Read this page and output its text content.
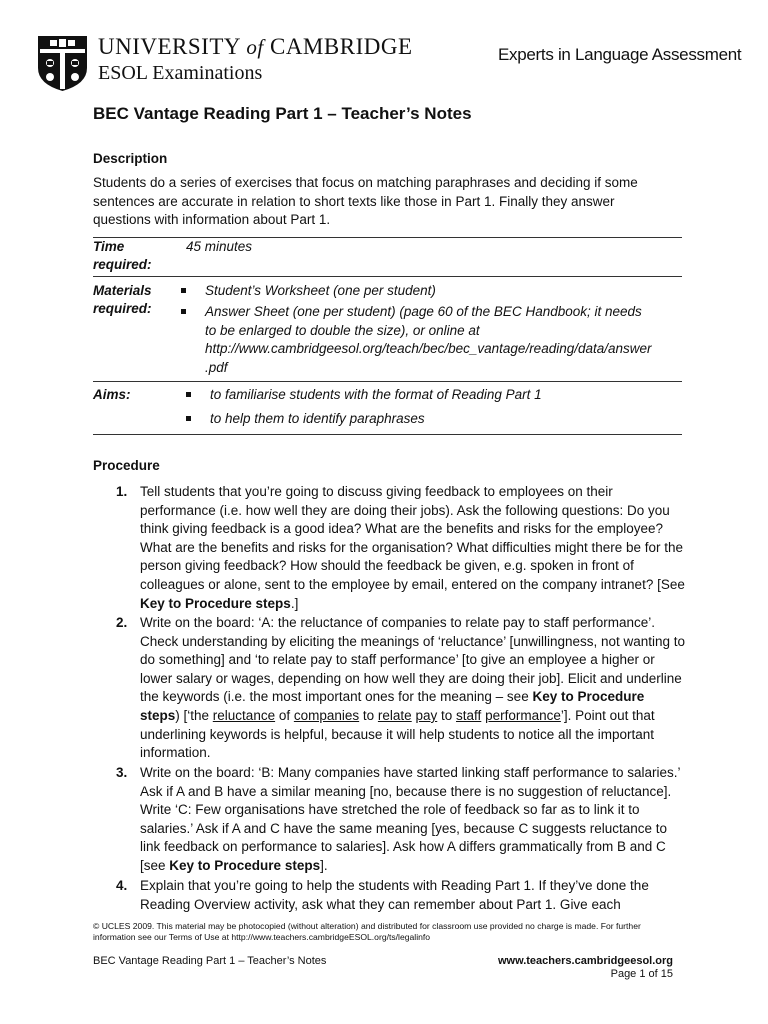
UNIVERSITY of CAMBRIDGE
ESOL Examinations
Experts in Language Assessment
BEC Vantage Reading Part 1 – Teacher’s Notes
Description
Students do a series of exercises that focus on matching paraphrases and deciding if some
sentences are accurate in relation to short texts like those in Part 1. Finally they answer
questions with information about Part 1.
Time
required:
45 minutes
Materials
required:
Student’s Worksheet (one per student)
Answer Sheet (one per student) (page 60 of the BEC Handbook; it needs
to be enlarged to double the size), or online at
http://www.cambridgeesol.org/teach/bec/bec_vantage/reading/data/answer
.pdf
Aims:	to familiarise students with the format of Reading Part 1
to help them to identify paraphrases
Procedure
1. Tell students that you’re going to discuss giving feedback to employees on their performance (i.e. how well they are doing their jobs). Ask the following questions: Do you think giving feedback is a good idea? What are the benefits and risks for the employee? What are the benefits and risks for the organisation? What difficulties might there be for the person giving feedback? How should the feedback be given, e.g. spoken in front of colleagues or alone, sent to the employee by email, entered on the company intranet? [See Key to Procedure steps.]
2. Write on the board: ‘A: the reluctance of companies to relate pay to staff performance’. Check understanding by eliciting the meanings of ‘reluctance’ [unwillingness, not wanting to do something] and ‘to relate pay to staff performance’ [to give an employee a higher or lower salary or wages, depending on how well they are doing their job]. Elicit and underline the keywords (i.e. the most important ones for the meaning – see Key to Procedure steps) [‘the reluctance of companies to relate pay to staff performance’]. Point out that underlining keywords is helpful, because it will help students to notice all the important information.
3. Write on the board: ‘B: Many companies have started linking staff performance to salaries.’ Ask if A and B have a similar meaning [no, because there is no suggestion of reluctance]. Write ‘C: Few organisations have stretched the role of feedback so far as to link it to salaries.’ Ask if A and C have the same meaning [yes, because C suggests reluctance to link feedback on performance to salaries]. Ask how A differs grammatically from B and C [see Key to Procedure steps].
4. Explain that you’re going to help the students with Reading Part 1. If they’ve done the Reading Overview activity, ask what they can remember about Part 1. Give each
© UCLES 2009. This material may be photocopied (without alteration) and distributed for classroom use provided no charge is made. For further
information see our Terms of Use at http://www.teachers.cambridgeESOL.org/ts/legalinfo
BEC Vantage Reading Part 1 – Teacher’s Notes	www.teachers.cambridgeesol.org
Page 1 of 15
